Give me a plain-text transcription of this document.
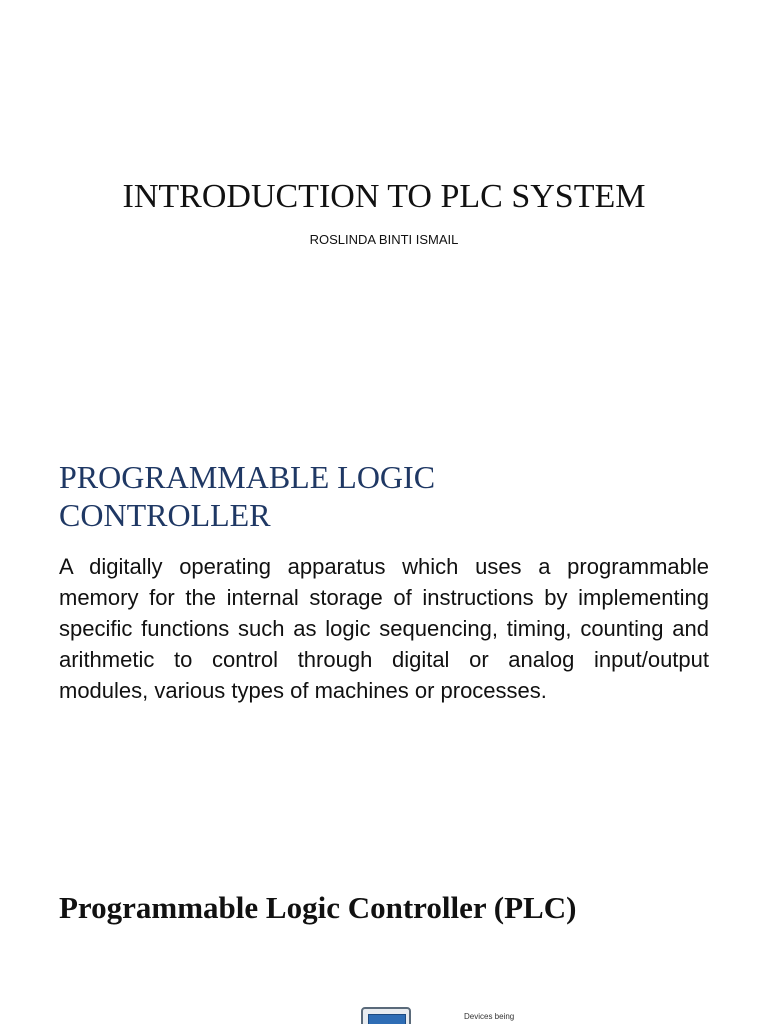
INTRODUCTION TO PLC SYSTEM
ROSLINDA BINTI ISMAIL
PROGRAMMABLE LOGIC
CONTROLLER
A digitally operating apparatus which uses a programmable memory for the internal storage of instructions by implementing specific functions such as logic sequencing, timing, counting and arithmetic to control through digital or analog input/output modules, various types of machines or processes.
Programmable Logic Controller (PLC)
Devices being
